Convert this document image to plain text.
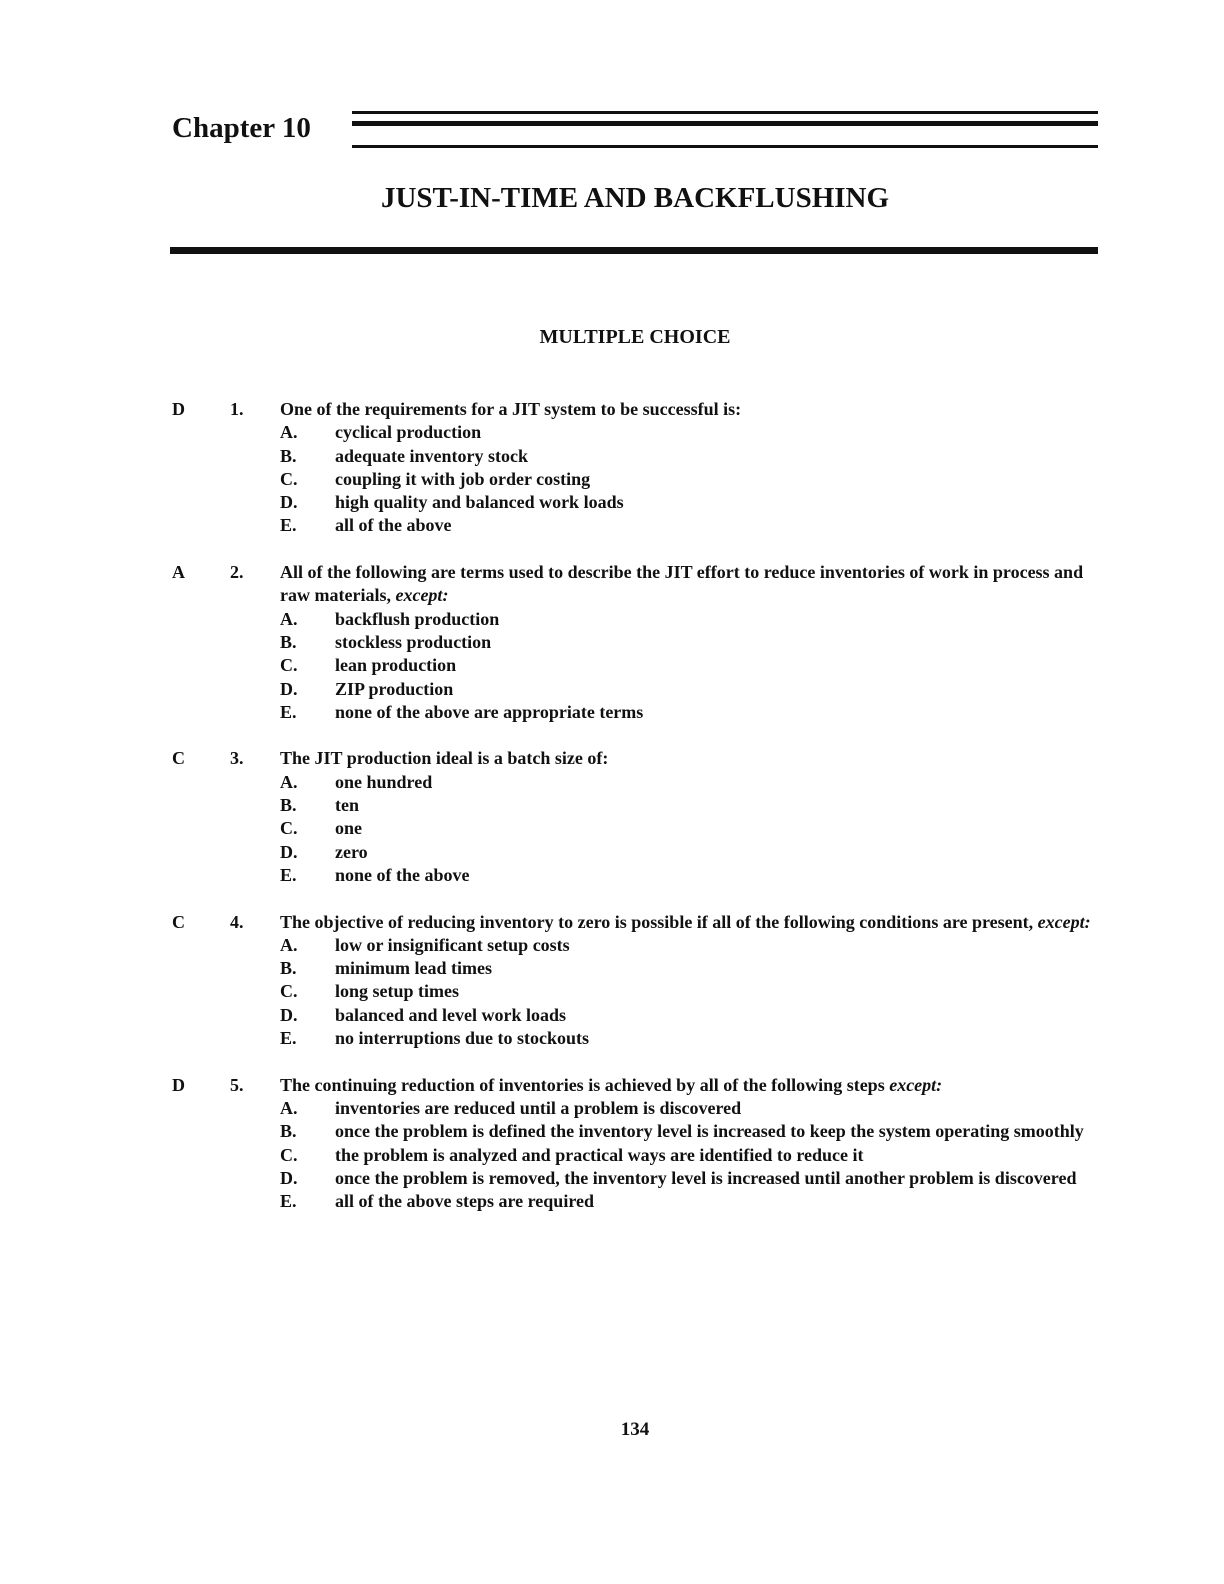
Chapter 10
JUST-IN-TIME AND BACKFLUSHING
MULTIPLE CHOICE
D	1. One of the requirements for a JIT system to be successful is:
A. cyclical production
B. adequate inventory stock
C. coupling it with job order costing
D. high quality and balanced work loads
E. all of the above
A	2. All of the following are terms used to describe the JIT effort to reduce inventories of work in process and raw materials, except:
A. backflush production
B. stockless production
C. lean production
D. ZIP production
E. none of the above are appropriate terms
C	3. The JIT production ideal is a batch size of:
A. one hundred
B. ten
C. one
D. zero
E. none of the above
C	4. The objective of reducing inventory to zero is possible if all of the following conditions are present, except:
A. low or insignificant setup costs
B. minimum lead times
C. long setup times
D. balanced and level work loads
E. no interruptions due to stockouts
D	5. The continuing reduction of inventories is achieved by all of the following steps except:
A. inventories are reduced until a problem is discovered
B. once the problem is defined the inventory level is increased to keep the system operating smoothly
C. the problem is analyzed and practical ways are identified to reduce it
D. once the problem is removed, the inventory level is increased until another problem is discovered
E. all of the above steps are required
134
